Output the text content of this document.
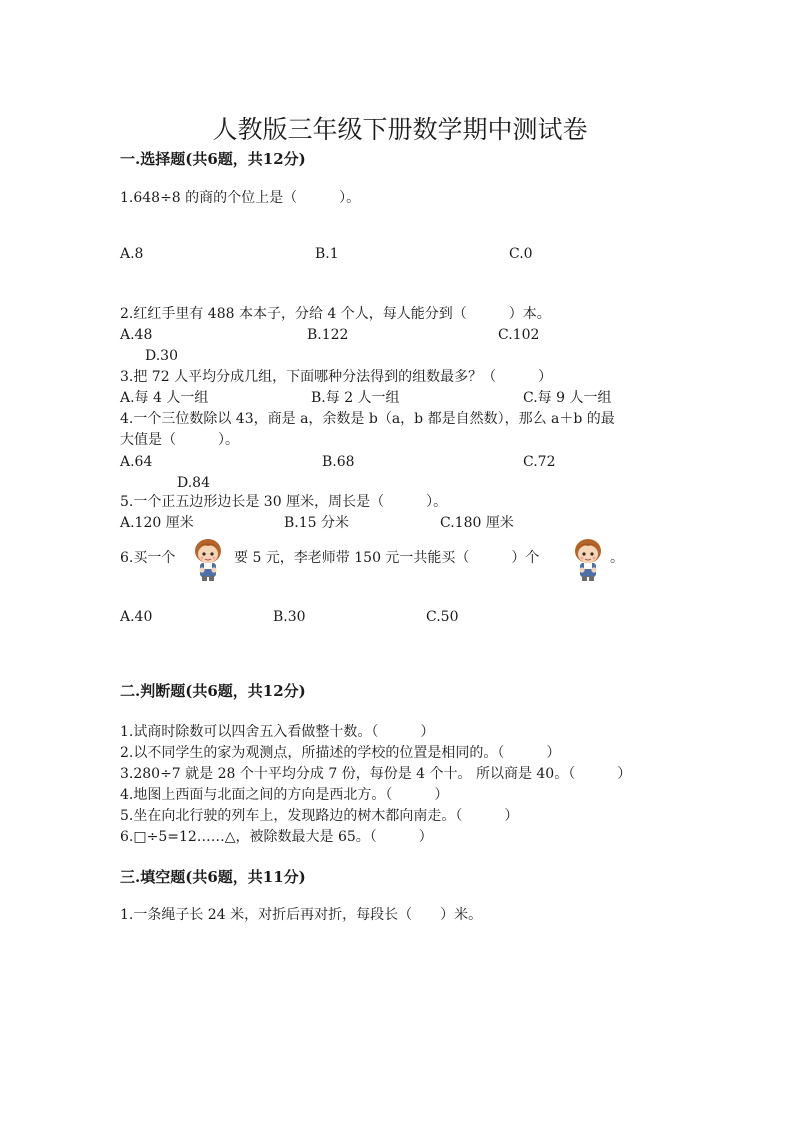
人教版三年级下册数学期中测试卷
一.选择题(共6题，共12分)
1.648÷8 的商的个位上是（　　　）。
A.8	B.1	C.0
2.红红手里有 488 本本子，分给 4 个人，每人能分到（　　　）本。
A.48	B.122	C.102
D.30
3.把 72 人平均分成几组，下面哪种分法得到的组数最多？（　　　）
A.每 4 人一组	B.每 2 人一组	C.每 9 人一组
4.一个三位数除以 43，商是 a，余数是 b（a，b 都是自然数），那么 a＋b 的最
大值是（　　　）。
A.64	B.68	C.72
D.84
5.一个正五边形边长是 30 厘米，周长是（　　　）。
A.120 厘米	B.15 分米	C.180 厘米
6.买一个	要 5 元，李老师带 150 元一共能买（　　　）个	。
A.40	B.30	C.50
二.判断题(共6题，共12分)
1.试商时除数可以四舍五入看做整十数。（　　　）
2.以不同学生的家为观测点，所描述的学校的位置是相同的。（　　　）
3.280÷7 就是 28 个十平均分成 7 份，每份是 4 个十。 所以商是 40。（　　　）
4.地图上西面与北面之间的方向是西北方。（　　　）
5.坐在向北行驶的列车上，发现路边的树木都向南走。（　　　）
6.□÷5=12……△，被除数最大是 65。（　　　）
三.填空题(共6题，共11分)
1.一条绳子长 24 米，对折后再对折，每段长（　　）米。
